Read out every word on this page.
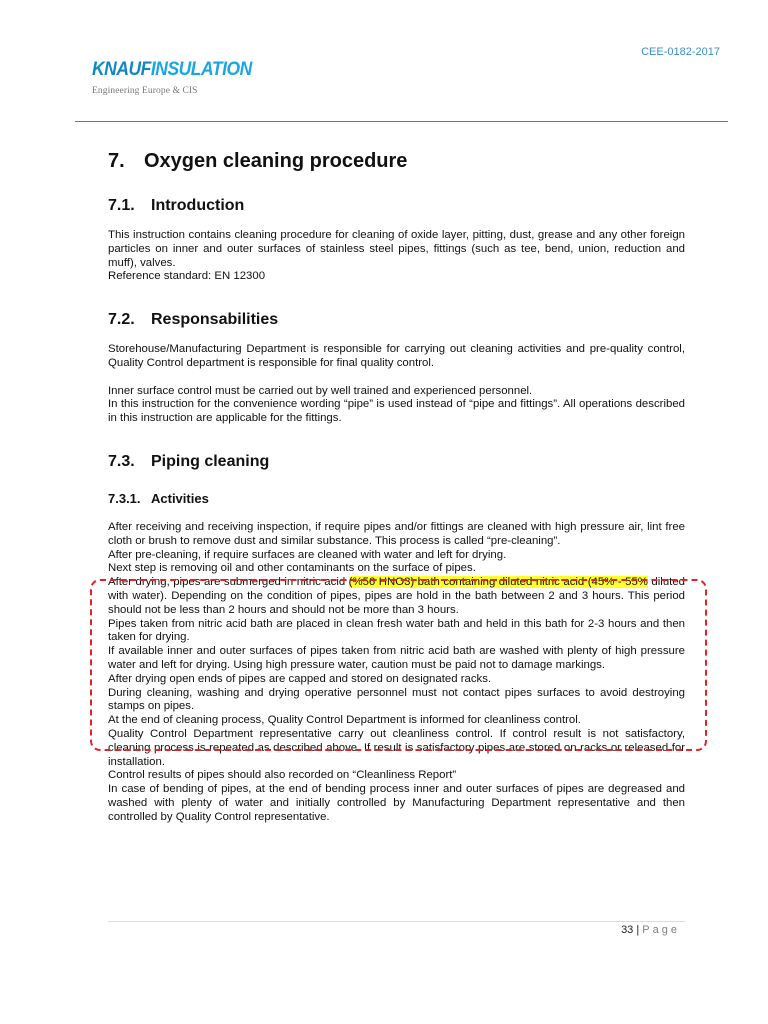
KNAUFINSULATION
Engineering Europe & CIS
CEE-0182-2017
7. Oxygen cleaning procedure
7.1. Introduction

This instruction contains cleaning procedure for cleaning of oxide layer, pitting, dust, grease and any other foreign particles on inner and outer surfaces of stainless steel pipes, fittings (such as tee, bend, union, reduction and muff), valves.

Reference standard: EN 12300

7.2. Responsabilities

Storehouse/Manufacturing Department is responsible for carrying out cleaning activities and pre-quality control, Quality Control department is responsible for final quality control.

Inner surface control must be carried out by well trained and experienced personnel.

In this instruction for the convenience wording “pipe” is used instead of “pipe and fittings”. All operations described in this instruction are applicable for the fittings.

7.3. Piping cleaning
7.3.1. Activities

After receiving and receiving inspection, if require pipes and/or fittings are cleaned with high pressure air, lint free cloth or brush to remove dust and similar substance. This process is called “pre-cleaning”.

After pre-cleaning, if require surfaces are cleaned with water and left for drying.

Next step is removing oil and other contaminants on the surface of pipes.

After drying, pipes are submerged in nitric acid (%56 HNO3) bath containing diluted nitric acid (45% - 55% diluted with water). Depending on the condition of pipes, pipes are hold in the bath between 2 and 3 hours. This period should not be less than 2 hours and should not be more than 3 hours.

Pipes taken from nitric acid bath are placed in clean fresh water bath and held in this bath for 2-3 hours and then taken for drying.

If available inner and outer surfaces of pipes taken from nitric acid bath are washed with plenty of high pressure water and left for drying. Using high pressure water, caution must be paid not to damage markings.

After drying open ends of pipes are capped and stored on designated racks.

During cleaning, washing and drying operative personnel must not contact pipes surfaces to avoid destroying stamps on pipes.

At the end of cleaning process, Quality Control Department is informed for cleanliness control.

Quality Control Department representative carry out cleanliness control. If control result is not satisfactory, cleaning process is repeated as described above. If result is satisfactory pipes are stored on racks or released for installation.

Control results of pipes should also recorded on “Cleanliness Report”

In case of bending of pipes, at the end of bending process inner and outer surfaces of pipes are degreased and washed with plenty of water and initially controlled by Manufacturing Department representative and then controlled by Quality Control representative.

33 | Page
